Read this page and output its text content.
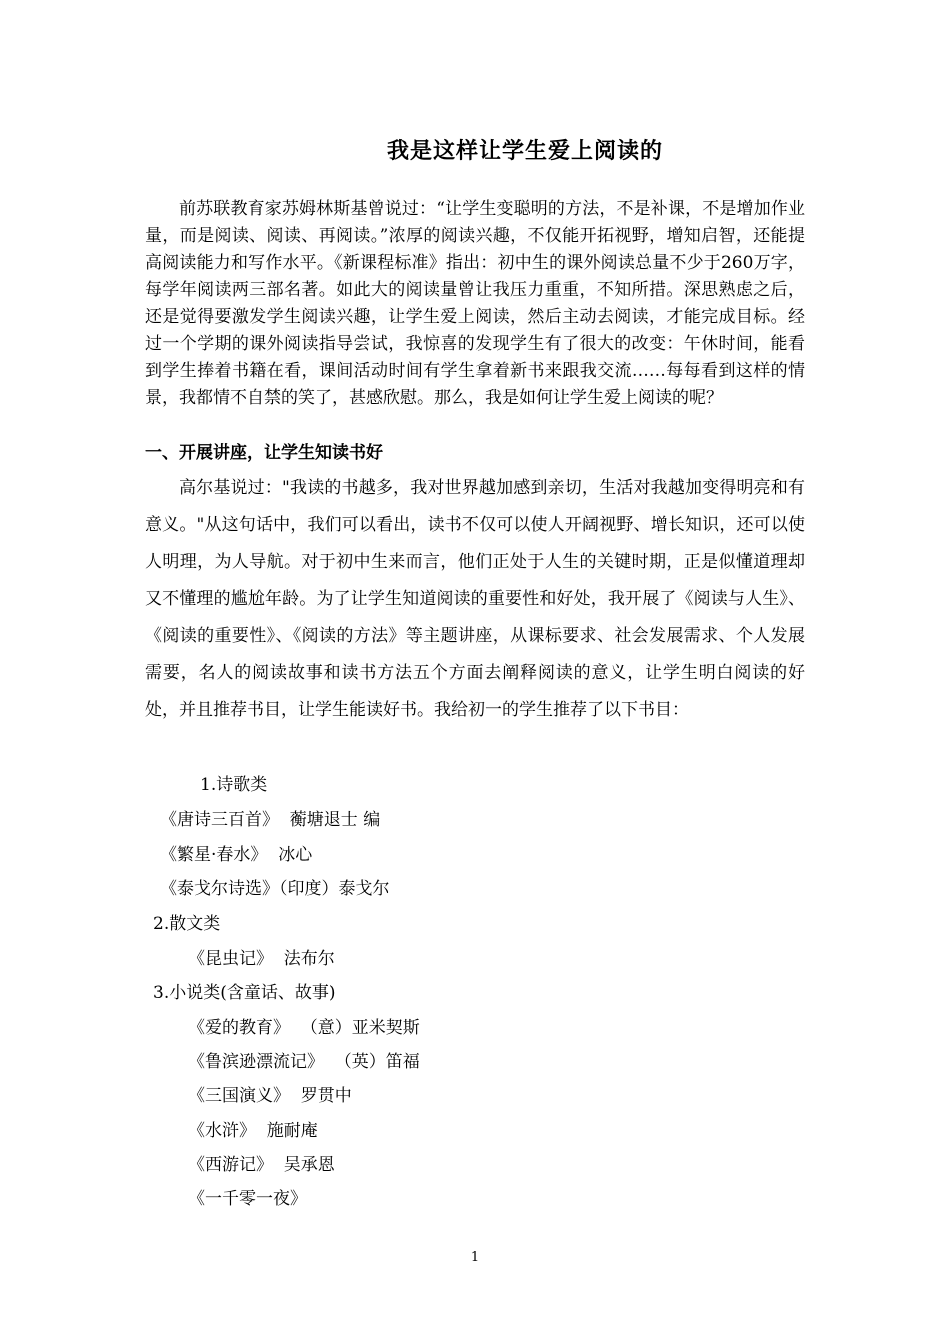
我是这样让学生爱上阅读的

前苏联教育家苏姆林斯基曾说过：“让学生变聪明的方法，不是补课，不是增加作业量，而是阅读、阅读、再阅读。”浓厚的阅读兴趣，不仅能开拓视野，增知启智，还能提高阅读能力和写作水平。《新课程标准》指出：初中生的课外阅读总量不少于260万字，每学年阅读两三部名著。如此大的阅读量曾让我压力重重，不知所措。深思熟虑之后，还是觉得要激发学生阅读兴趣，让学生爱上阅读，然后主动去阅读，才能完成目标。经过一个学期的课外阅读指导尝试，我惊喜的发现学生有了很大的改变：午休时间，能看到学生捧着书籍在看，课间活动时间有学生拿着新书来跟我交流……每每看到这样的情景，我都情不自禁的笑了，甚感欣慰。那么，我是如何让学生爱上阅读的呢？

一、开展讲座，让学生知读书好

高尔基说过："我读的书越多，我对世界越加感到亲切，生活对我越加变得明亮和有意义。"从这句话中，我们可以看出，读书不仅可以使人开阔视野、增长知识，还可以使人明理，为人导航。对于初中生来而言，他们正处于人生的关键时期，正是似懂道理却又不懂理的尴尬年龄。为了让学生知道阅读的重要性和好处，我开展了《阅读与人生》、《阅读的重要性》、《阅读的方法》等主题讲座，从课标要求、社会发展需求、个人发展需要，名人的阅读故事和读书方法五个方面去阐释阅读的意义，让学生明白阅读的好处，并且推荐书目，让学生能读好书。我给初一的学生推荐了以下书目：

1.诗歌类

《唐诗三百首》  蘅塘退士 编

《繁星·春水》  冰心

《泰戈尔诗选》（印度）泰戈尔

2.散文类

《昆虫记》  法布尔

3.小说类(含童话、故事)

《爱的教育》  （意）亚米契斯

《鲁滨逊漂流记》  （英）笛福

《三国演义》  罗贯中

《水浒》  施耐庵

《西游记》  吴承恩

《一千零一夜》

1
